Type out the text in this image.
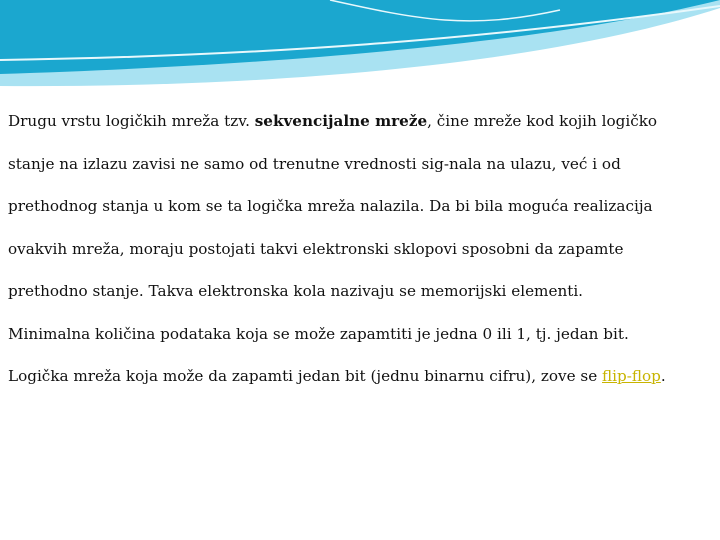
Drugu vrstu logičkih mreža tzv. sekvencijalne mreže, čine mreže kod kojih logičko
stanje na izlazu zavisi ne samo od trenutne vrednosti sig-nala na ulazu, već i od
prethodnog stanja u kom se ta logička mreža nalazila. Da bi bila moguća realizacija
ovakvih mreža, moraju postojati takvi elektronski sklopovi sposobni da zapamte
prethodno stanje. Takva elektronska kola nazivaju se memorijski elementi.
Minimalna količina podataka koja se može zapamtiti je jedna 0 ili 1, tj. jedan bit.
Logička mreža koja može da zapamti jedan bit (jednu binarnu cifru), zove se flip-flop.
